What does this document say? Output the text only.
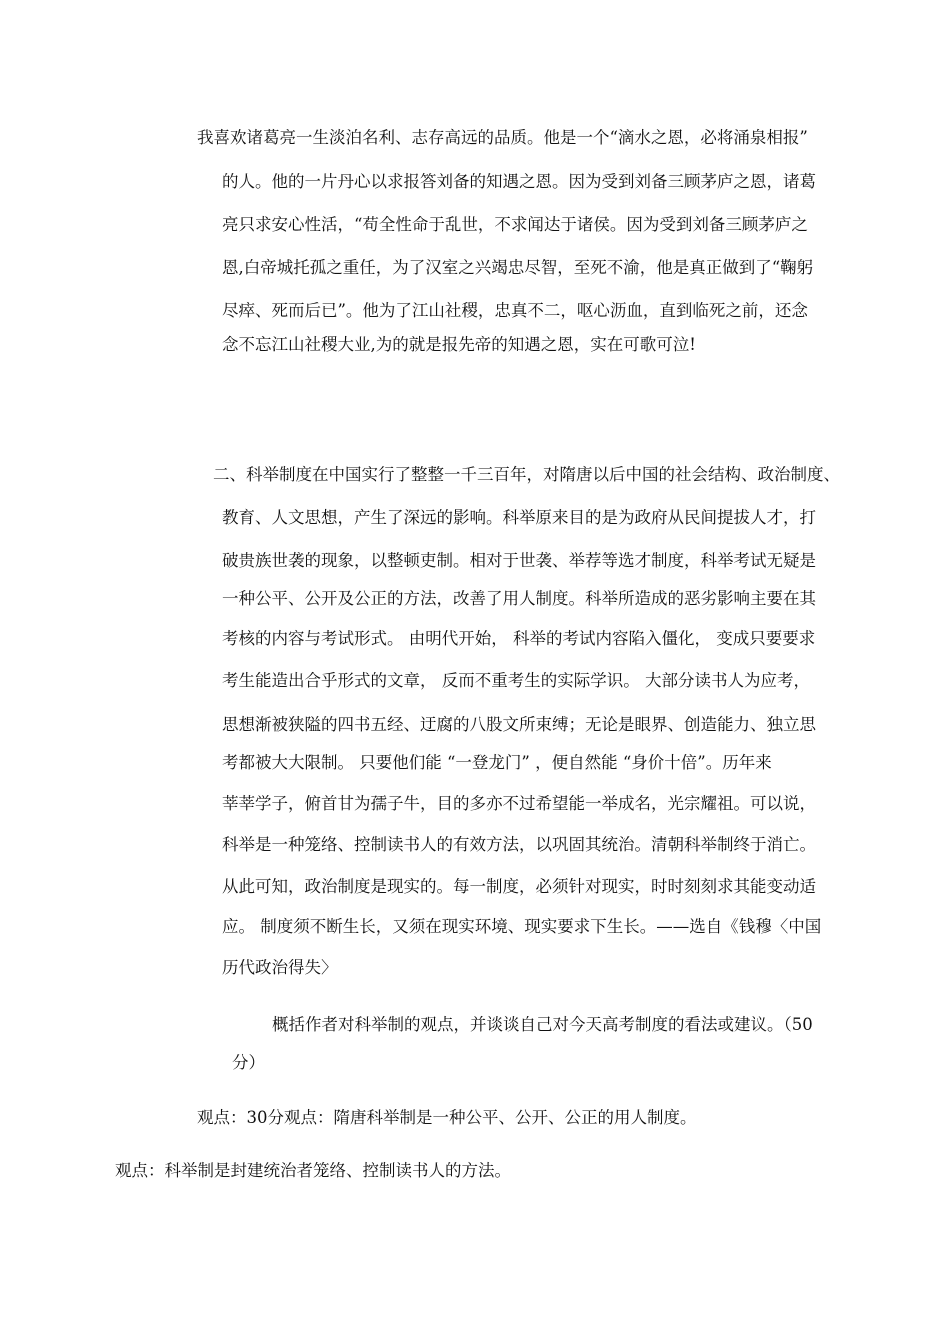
我喜欢诸葛亮一生淡泊名利、志存高远的品质。他是一个“滴水之恩，必将涌泉相报”
的人。他的一片丹心以求报答刘备的知遇之恩。因为受到刘备三顾茅庐之恩，诸葛
亮只求安心性活，“苟全性命于乱世，不求闻达于诸侯。因为受到刘备三顾茅庐之
恩,白帝城托孤之重任，为了汉室之兴竭忠尽智，至死不渝，他是真正做到了“鞠躬
尽瘁、死而后已”。他为了江山社稷，忠真不二，呕心沥血，直到临死之前，还念
念不忘江山社稷大业,为的就是报先帝的知遇之恩，实在可歌可泣!
二、科举制度在中国实行了整整一千三百年，对隋唐以后中国的社会结构、政治制度、
教育、人文思想，产生了深远的影响。科举原来目的是为政府从民间提拔人才，打
破贵族世袭的现象，以整顿吏制。相对于世袭、举荐等选才制度，科举考试无疑是
一种公平、公开及公正的方法，改善了用人制度。科举所造成的恶劣影响主要在其
考核的内容与考试形式。 由明代开始， 科举的考试内容陷入僵化， 变成只要要求
考生能造出合乎形式的文章， 反而不重考生的实际学识。 大部分读书人为应考，
思想渐被狭隘的四书五经、迂腐的八股文所束缚；无论是眼界、创造能力、独立思
考都被大大限制。 只要他们能 “一登龙门” ，便自然能 “身价十倍”。历年来
莘莘学子，俯首甘为孺子牛，目的多亦不过希望能一举成名，光宗耀祖。可以说，
科举是一种笼络、控制读书人的有效方法，以巩固其统治。清朝科举制终于消亡。
从此可知，政治制度是现实的。每一制度，必须针对现实，时时刻刻求其能变动适
应。 制度须不断生长，又须在现实环境、现实要求下生长。——选自《钱穆〈中国
历代政治得失〉
概括作者对科举制的观点，并谈谈自己对今天高考制度的看法或建议。（50
分）
观点：30分观点：隋唐科举制是一种公平、公开、公正的用人制度。
观点：科举制是封建统治者笼络、控制读书人的方法。
